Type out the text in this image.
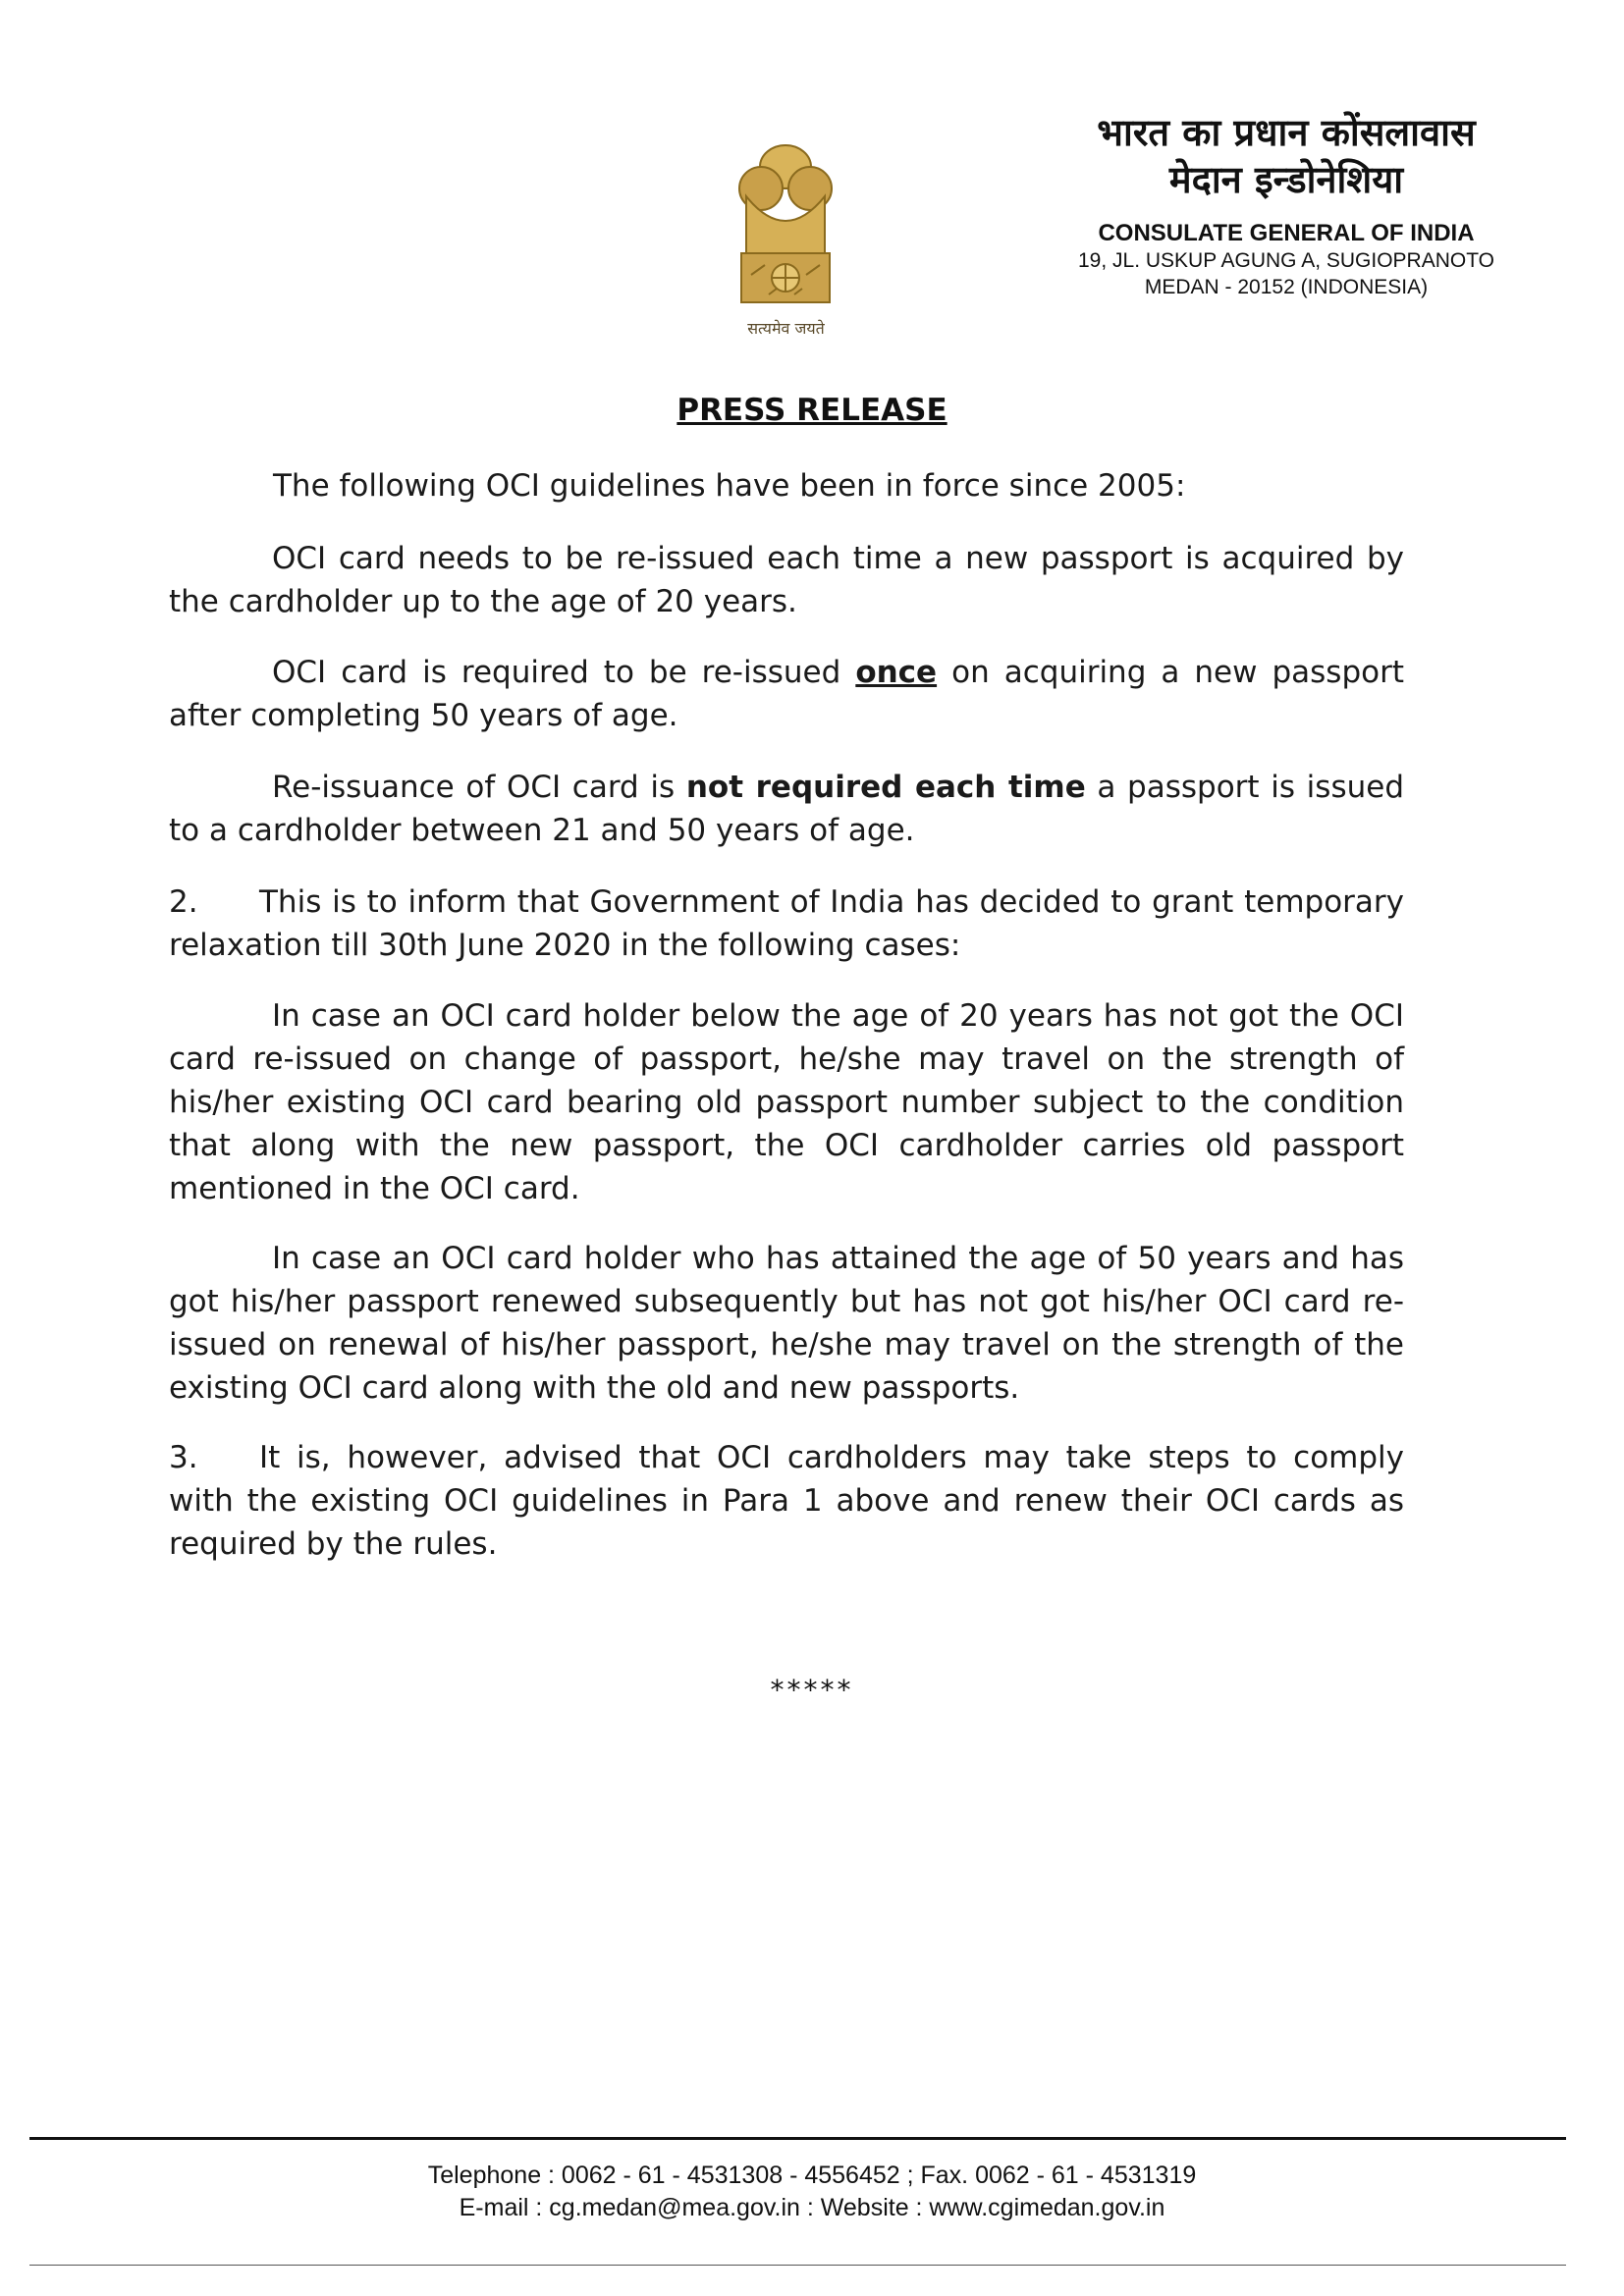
सत्यमेव जयते
भारत का प्रधान कोंसलावास
मेदान इन्डोनेशिया
CONSULATE GENERAL OF INDIA
19, JL. USKUP AGUNG A, SUGIOPRANOTO
MEDAN - 20152 (INDONESIA)
PRESS RELEASE

The following OCI guidelines have been in force since 2005:

OCI card needs to be re-issued each time a new passport is acquired by the cardholder up to the age of 20 years.

OCI card is required to be re-issued once on acquiring a new passport after completing 50 years of age.

Re-issuance of OCI card is not required each time a passport is issued to a cardholder between 21 and 50 years of age.

2. This is to inform that Government of India has decided to grant temporary relaxation till 30th June 2020 in the following cases:

In case an OCI card holder below the age of 20 years has not got the OCI card re-issued on change of passport, he/she may travel on the strength of his/her existing OCI card bearing old passport number subject to the condition that along with the new passport, the OCI cardholder carries old passport mentioned in the OCI card.

In case an OCI card holder who has attained the age of 50 years and has got his/her passport renewed subsequently but has not got his/her OCI card re-issued on renewal of his/her passport, he/she may travel on the strength of the existing OCI card along with the old and new passports.

3. It is, however, advised that OCI cardholders may take steps to comply with the existing OCI guidelines in Para 1 above and renew their OCI cards as required by the rules.

*****
Telephone : 0062 - 61 - 4531308 - 4556452 ; Fax. 0062 - 61 - 4531319
E-mail : cg.medan@mea.gov.in : Website : www.cgimedan.gov.in
